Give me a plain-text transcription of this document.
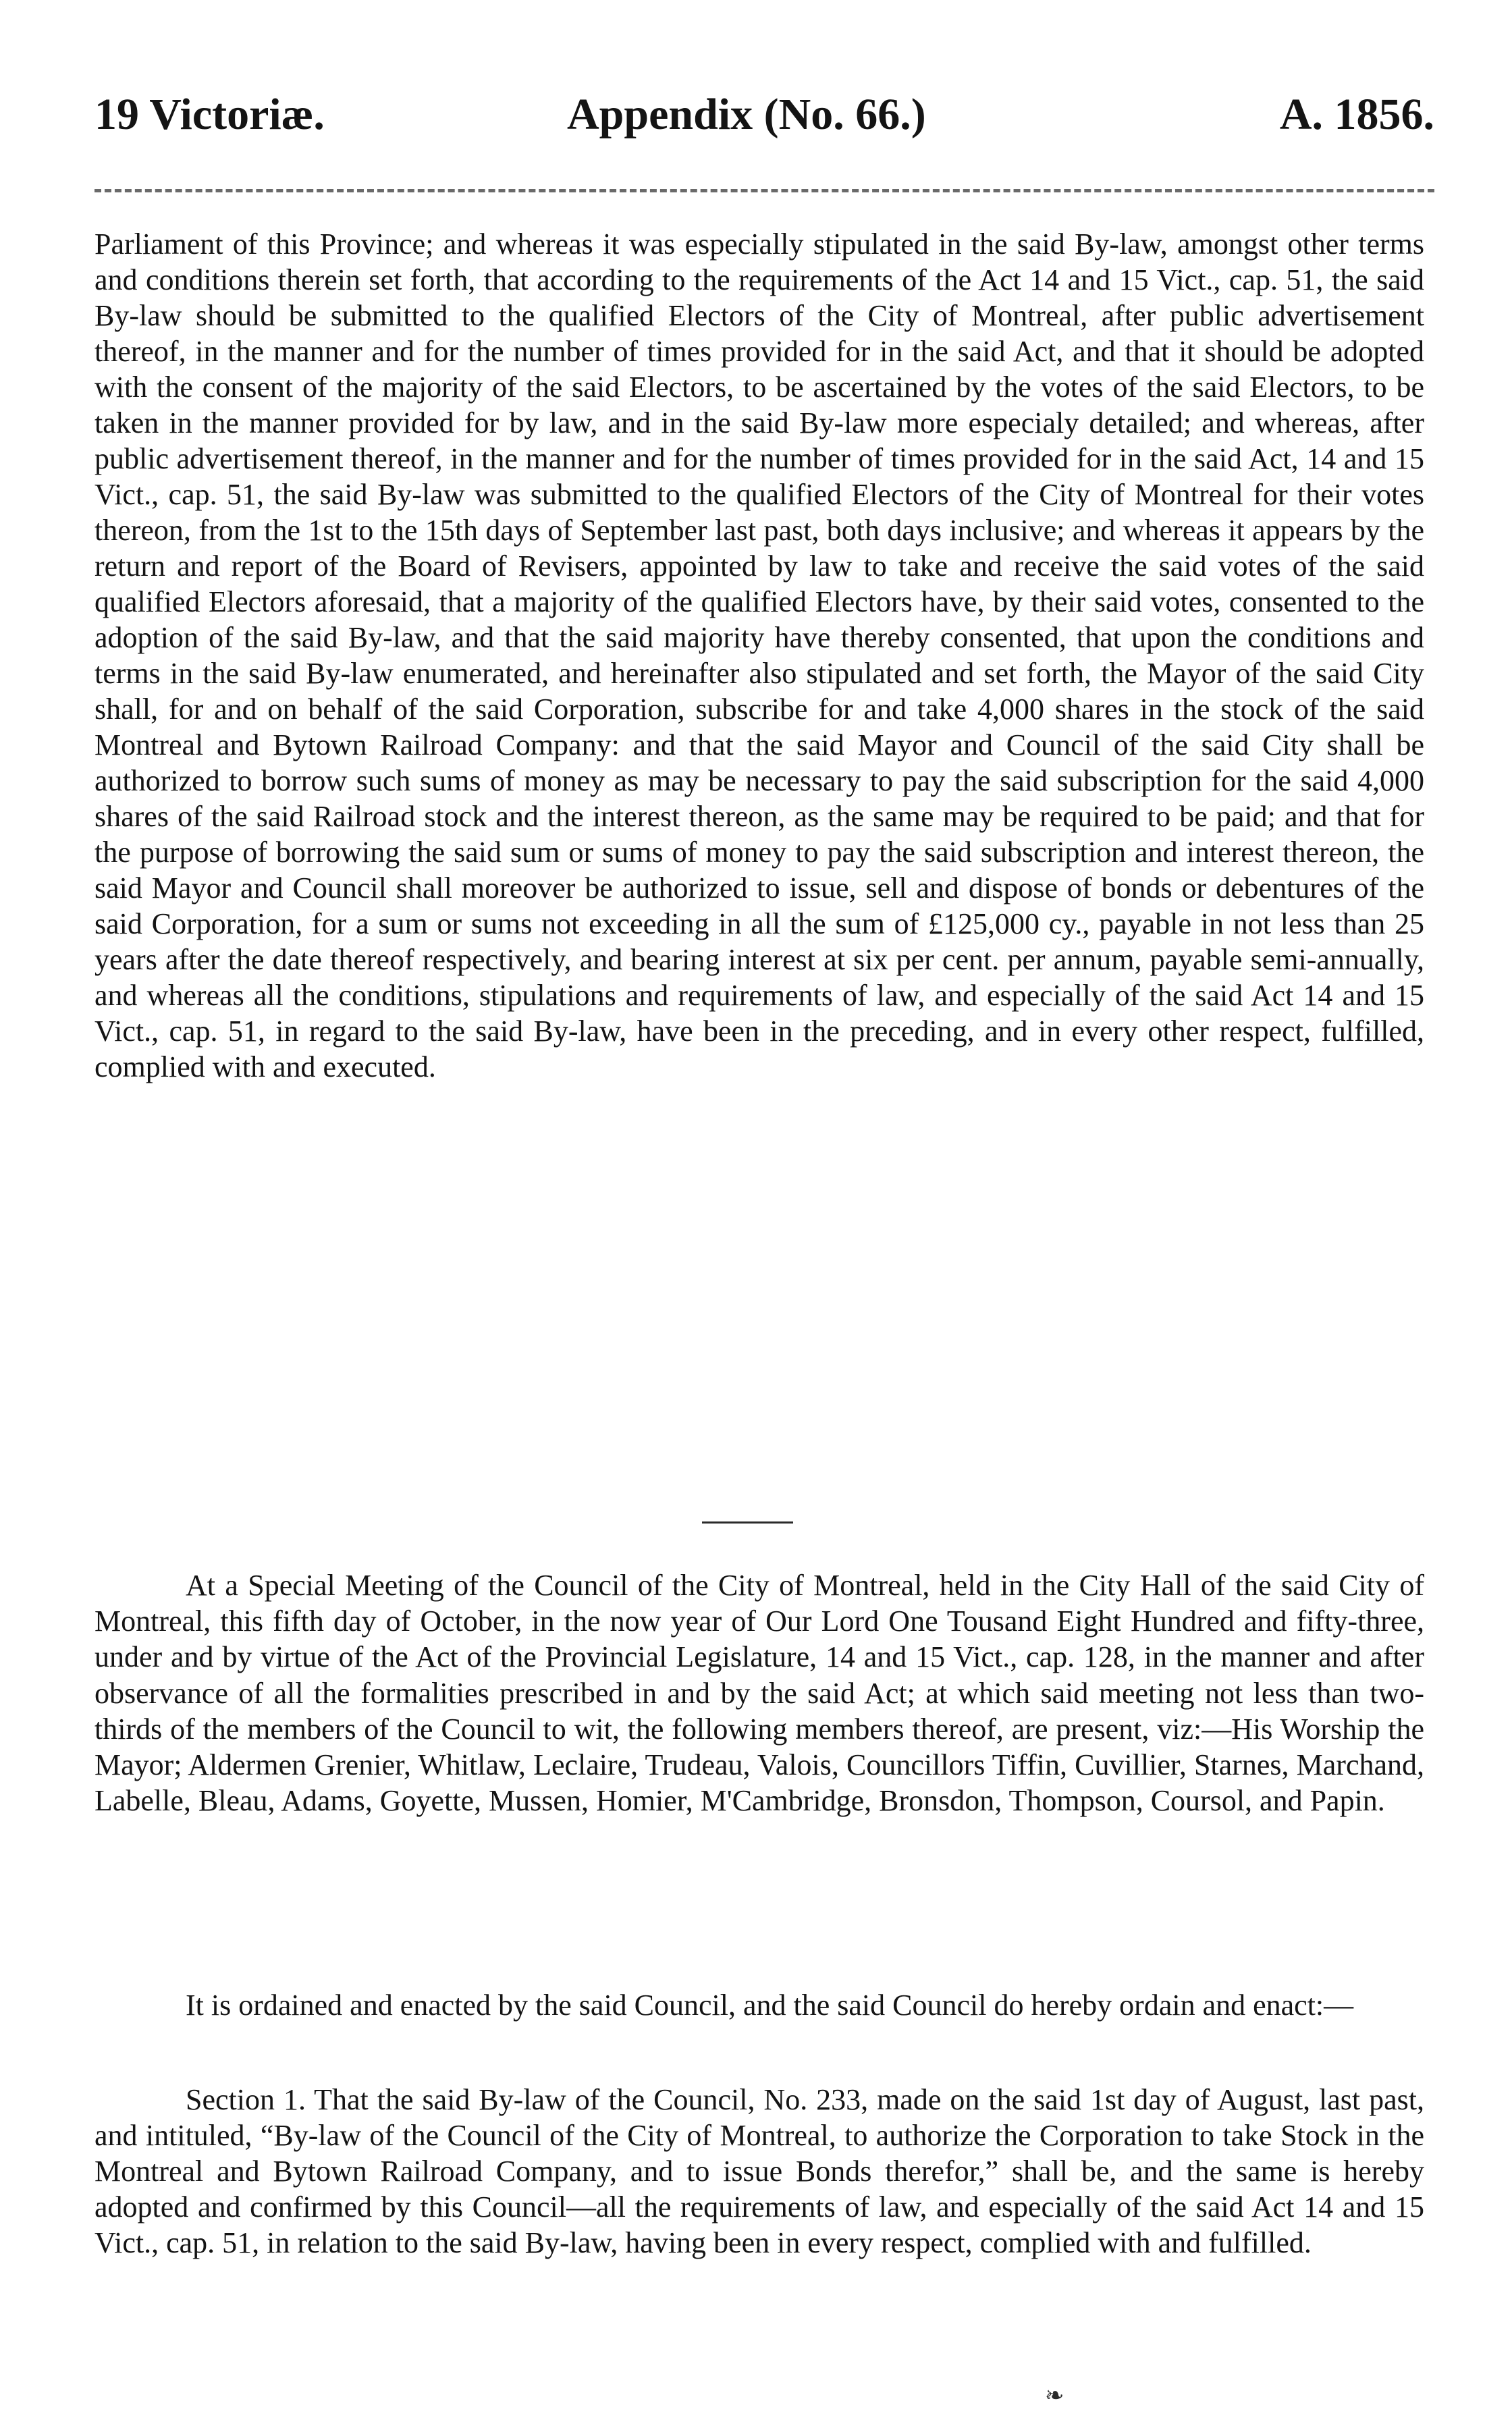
19 Victoriæ.	Appendix (No. 66.)	A. 1856.

Parliament of this Province; and whereas it was especially stipulated in the said By-law, amongst other terms and conditions therein set forth, that according to the requirements of the Act 14 and 15 Vict., cap. 51, the said By-law should be submitted to the qualified Electors of the City of Montreal, after public advertisement thereof, in the manner and for the number of times provided for in the said Act, and that it should be adopted with the consent of the majority of the said Electors, to be ascertained by the votes of the said Electors, to be taken in the manner provided for by law, and in the said By-law more especialy detailed; and whereas, after public advertisement thereof, in the manner and for the number of times provided for in the said Act, 14 and 15 Vict., cap. 51, the said By-law was submitted to the qualified Electors of the City of Montreal for their votes thereon, from the 1st to the 15th days of September last past, both days inclusive; and whereas it appears by the return and report of the Board of Revisers, appointed by law to take and receive the said votes of the said qualified Electors aforesaid, that a majority of the qualified Electors have, by their said votes, consented to the adoption of the said By-law, and that the said majority have thereby consented, that upon the conditions and terms in the said By-law enumerated, and hereinafter also stipulated and set forth, the Mayor of the said City shall, for and on behalf of the said Corporation, subscribe for and take 4,000 shares in the stock of the said Montreal and Bytown Railroad Company: and that the said Mayor and Council of the said City shall be authorized to borrow such sums of money as may be necessary to pay the said subscription for the said 4,000 shares of the said Railroad stock and the interest thereon, as the same may be required to be paid; and that for the purpose of borrowing the said sum or sums of money to pay the said subscription and interest thereon, the said Mayor and Council shall moreover be authorized to issue, sell and dispose of bonds or debentures of the said Corporation, for a sum or sums not exceeding in all the sum of £125,000 cy., payable in not less than 25 years after the date thereof respectively, and bearing interest at six per cent. per annum, payable semi-annually, and whereas all the conditions, stipulations and requirements of law, and especially of the said Act 14 and 15 Vict., cap. 51, in regard to the said By-law, have been in the preceding, and in every other respect, fulfilled, complied with and executed.

At a Special Meeting of the Council of the City of Montreal, held in the City Hall of the said City of Montreal, this fifth day of October, in the now year of Our Lord One Tousand Eight Hundred and fifty-three, under and by virtue of the Act of the Provincial Legislature, 14 and 15 Vict., cap. 128, in the manner and after observance of all the formalities prescribed in and by the said Act; at which said meeting not less than two-thirds of the members of the Council to wit, the following members thereof, are present, viz:—His Worship the Mayor; Aldermen Grenier, Whitlaw, Leclaire, Trudeau, Valois, Councillors Tiffin, Cuvillier, Starnes, Marchand, Labelle, Bleau, Adams, Goyette, Mussen, Homier, M'Cambridge, Bronsdon, Thompson, Coursol, and Papin.

It is ordained and enacted by the said Council, and the said Council do hereby ordain and enact:—

Section 1. That the said By-law of the Council, No. 233, made on the said 1st day of August, last past, and intituled, “By-law of the Council of the City of Montreal, to authorize the Corporation to take Stock in the Montreal and Bytown Railroad Company, and to issue Bonds therefor,” shall be, and the same is hereby adopted and confirmed by this Council—all the requirements of law, and especially of the said Act 14 and 15 Vict., cap. 51, in relation to the said By-law, having been in every respect, complied with and fulfilled.

❧
